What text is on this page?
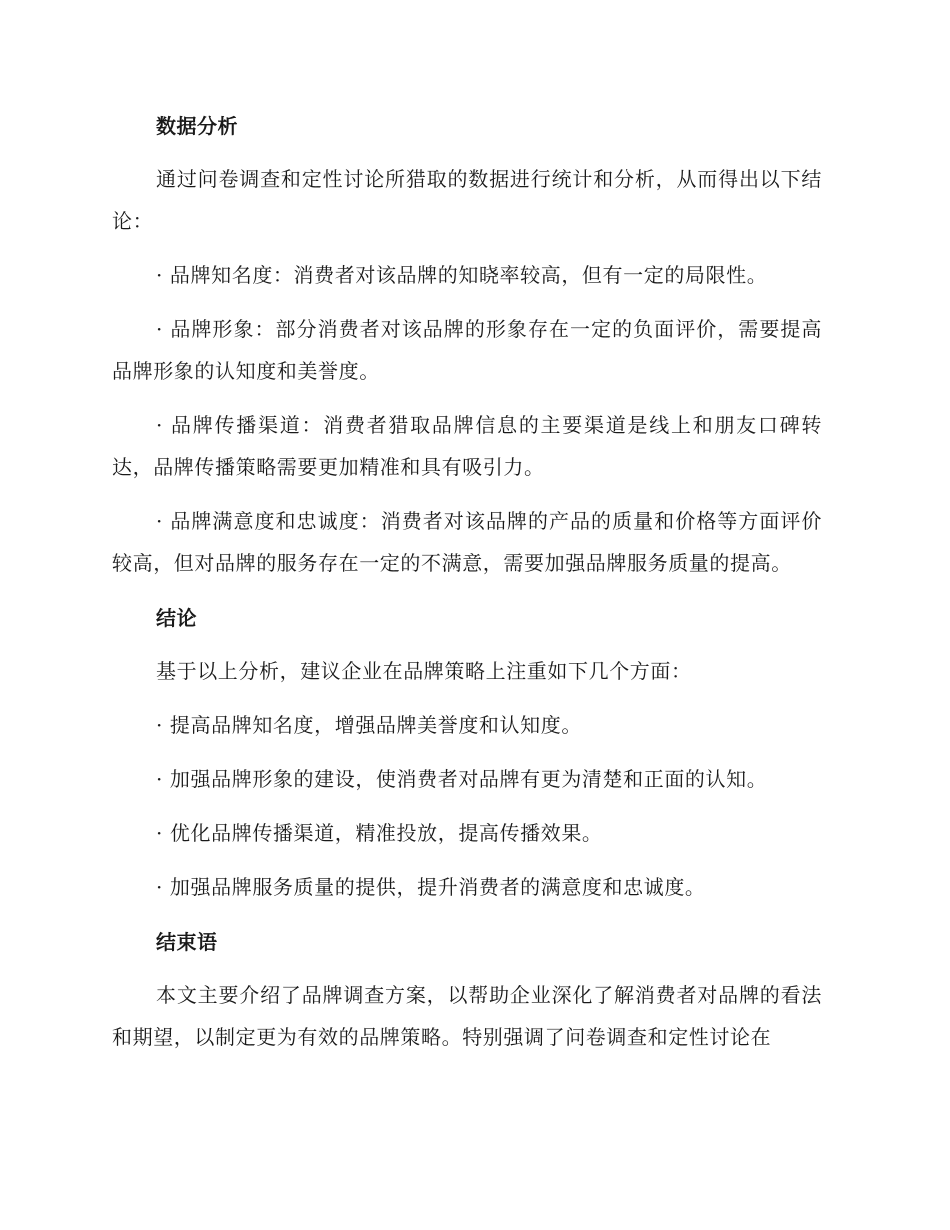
数据分析

通过问卷调查和定性讨论所猎取的数据进行统计和分析，从而得出以下结论：

· 品牌知名度：消费者对该品牌的知晓率较高，但有一定的局限性。

· 品牌形象：部分消费者对该品牌的形象存在一定的负面评价，需要提高品牌形象的认知度和美誉度。

· 品牌传播渠道：消费者猎取品牌信息的主要渠道是线上和朋友口碑转达，品牌传播策略需要更加精准和具有吸引力。

· 品牌满意度和忠诚度：消费者对该品牌的产品的质量和价格等方面评价较高，但对品牌的服务存在一定的不满意，需要加强品牌服务质量的提高。

结论

基于以上分析，建议企业在品牌策略上注重如下几个方面：

· 提高品牌知名度，增强品牌美誉度和认知度。

· 加强品牌形象的建设，使消费者对品牌有更为清楚和正面的认知。

· 优化品牌传播渠道，精准投放，提高传播效果。

· 加强品牌服务质量的提供，提升消费者的满意度和忠诚度。

结束语

本文主要介绍了品牌调查方案，以帮助企业深化了解消费者对品牌的看法和期望，以制定更为有效的品牌策略。特别强调了问卷调查和定性讨论在
